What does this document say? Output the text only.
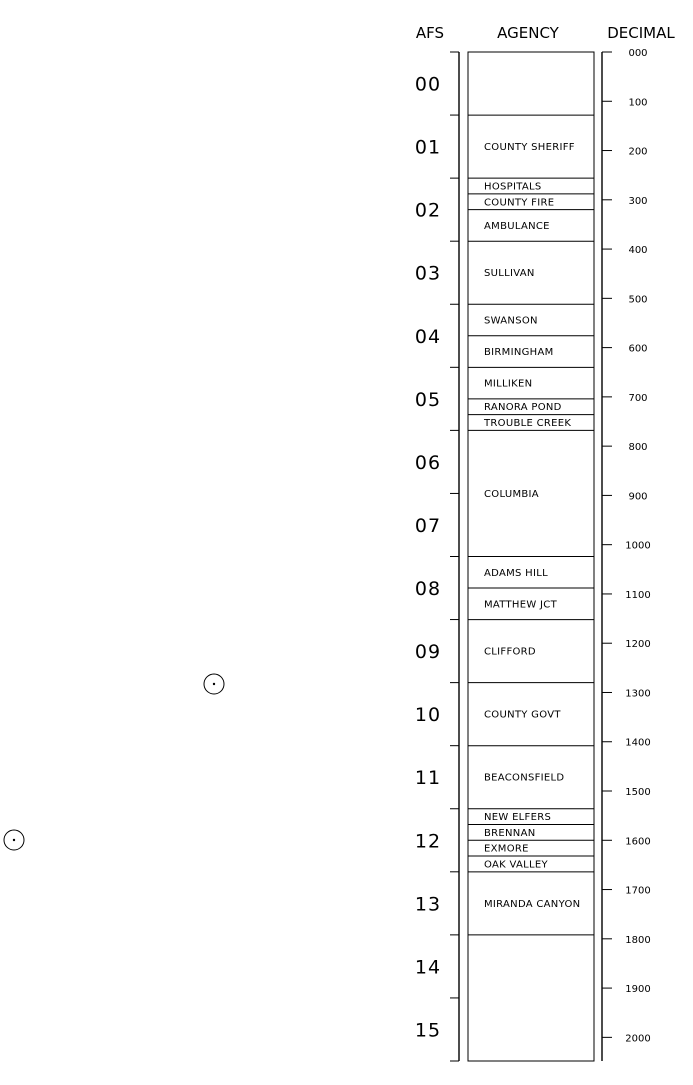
AFS	AGENCY	DECIMAL
00
01
02
03
04
05
06
07
08
09
10
11
12
13
14
15
000
100
200
300
400
500
600
700
800
900
1000
1100
1200
1300
1400
1500
1600
1700
1800
1900
2000
COUNTY SHERIFF
HOSPITALS
COUNTY FIRE
AMBULANCE
SULLIVAN
SWANSON
BIRMINGHAM
MILLIKEN
RANORA POND
TROUBLE CREEK
COLUMBIA
ADAMS HILL
MATTHEW JCT
CLIFFORD
COUNTY GOVT
BEACONSFIELD
NEW ELFERS
BRENNAN
EXMORE
OAK VALLEY
MIRANDA CANYON
